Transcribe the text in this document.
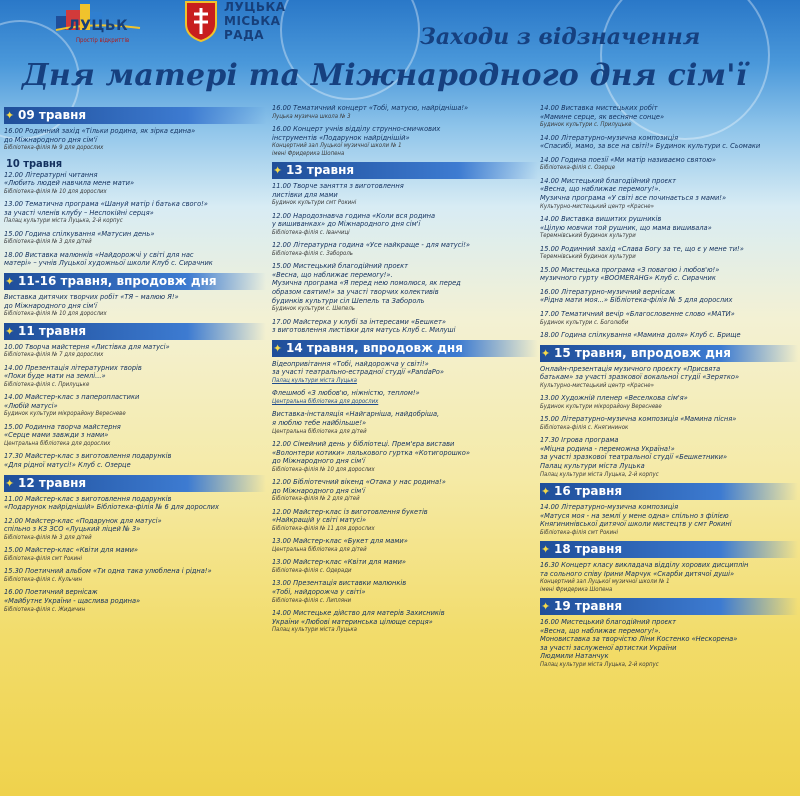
ЛУЦЬК
Простір відкриттів
ЛУЦЬКА
МІСЬКА
РАДА	Заходи з відзначення
Дня матері та Міжнародного дня сім'ї
✦ 09 травня
16.00 Родинний захід «Тільки родина, як зірка єдина»
до Міжнародного дня сім'ї
Бібліотека-філія № 9 для дорослих
10 травня
12.00 Літературні читання
«Любить людей навчила мене мати»
Бібліотека-філія № 10 для дорослих
13.00 Тематична програма «Шануй матір і батька свого!»
за участі членів клубу – Неспокійні серця»
Палац культури міста Луцька, 2-й корпус
15.00 Година спілкування «Матусин день»
Бібліотека-філія № 3 для дітей
18.00 Виставка малюнків «Найдорожчі у світі для нас
матері» – учнів Луцької художньої школи Клуб с. Сирачник
✦ 11-16 травня, впродовж дня
Виставка дитячих творчих робіт «ТЯ – малюю Я!»
до Міжнародного дня сім'ї
Бібліотека-філія № 10 для дорослих
✦ 11 травня
10.00 Творча майстерня «Листівка для матусі»
Бібліотека-філія № 7 для дорослих
14.00 Презентація літературних творів
«Поки буде мати на землі...»
Бібліотека-філія с. Прилуцьке
14.00 Майстер-клас з паперопластики
«Любій матусі»
Будинок культури мікрорайону Вересневе
15.00 Родинна творча майстерня
«Серце мами завжди з нами»
Центральна бібліотека для дорослих
17.30 Майстер-клас з виготовлення подарунків
«Для рідної матусі!» Клуб с. Озерце
✦ 12 травня
11.00 Майстер-клас з виготовлення подарунків
«Подарунок найріднішій» Бібліотека-філія № 6 для дорослих
12.00 Майстер-клас «Подарунок для матусі»
спільно з КЗ ЗСО «Луцький ліцей № 3»
Бібліотека-філія № 3 для дітей
15.00 Майстер-клас «Квіти для мами»
Бібліотека-філія смт Рокині
15.30 Поетичний альбом «Ти одна така улюблена і рідна!»
Бібліотека-філія с. Кульчин
16.00 Поетичний вернісаж
«Майбутнє України - щаслива родина»
Бібліотека-філія с. Жидичин
16.00 Тематичний концерт «Тобі, матусю, найрідніша!»
Луцька музична школа № 3
16.00 Концерт учнів відділу струнно-смичкових
інструментів «Подарунок найріднішій»
Концертний зал Луцької музичної школи № 1
імені Фридерика Шопена
✦ 13 травня
11.00 Творче заняття з виготовлення
листівки для мами
Будинок культури смт Рокині
12.00 Народознавча година «Коли вся родина
у вишиванках» до Міжнародного дня сім'ї
Бібліотека-філія с. Іванчиці
12.00 Літературна година «Усе найкраще - для матусі!»
Бібліотека-філія с. Забороль
15.00 Мистецький благодійний проєкт
«Весна, що наближає перемогу!».
Музична програма «Я перед нею помолюся, як перед
образом святим!» за участі творчих колективів
будинків культури сіл Шепель та Забороль
Будинок культури с. Шепель
17.00 Майстерка у клубі за інтересами «Бешкет»
з виготовлення листівки для матусь Клуб с. Милуші
✦ 14 травня, впродовж дня
Відеопривітання «Тобі, найдорожча у світі!»
за участі театрально-естрадної студії «PandaPo»
Палац культури міста Луцька
Флешмоб «З любов'ю, ніжністю, теплом!»
Центральна бібліотека для дорослих
Виставка-інсталяція «Найгарніша, найдобріша,
я люблю тебе найбільше!»
Центральна бібліотека для дітей
12.00 Сімейний день у бібліотеці. Прем'єра вистави
«Волонтери котики» лялькового гуртка «Котигорошко»
до Міжнародного дня сім'ї
Бібліотека-філія № 10 для дорослих
12.00 Бібліотечний вікенд «Отака у нас родина!»
до Міжнародного дня сім'ї
Бібліотека-філія № 2 для дітей
12.00 Майстер-клас із виготовлення букетів
«Найкращій у світі матусі»
Бібліотека-філія № 11 для дорослих
13.00 Майстер-клас «Букет для мами»
Центральна бібліотека для дітей
13.00 Майстер-клас «Квіти для мами»
Бібліотека-філія с. Одеради
13.00 Презентація виставки малюнків
«Тобі, найдорожча у світі»
Бібліотека-філія с. Липляни
14.00 Мистецьке дійство для матерів Захисників
України «Любові материнська цілюще серця»
Палац культури міста Луцька
14.00 Виставка мистецьких робіт
«Мамине серце, як весняне сонце»
Будинок культури с. Прилуцьке
14.00 Літературно-музична композиція
«Спасибі, мамо, за все на світі!» Будинок культури с. Сьомаки
14.00 Година поезії «Ми матір називаємо святою»
Бібліотека-філія с. Озерце
14.00 Мистецький благодійний проєкт
«Весна, що наближає перемогу!».
Музична програма «У світі все починається з мами!»
Культурно-мистецький центр «Красне»
14.00 Виставка вишитих рушників
«Цілую мовчки той рушник, що мама вишивала»
Теремнівський будинок культури
15.00 Родинний захід «Слава Богу за те, що є у мене ти!»
Теремнівський будинок культури
15.00 Мистецька програма «З повагою і любов'ю!»
музичного гурту «ВООМЕRАНG» Клуб с. Сирачник
16.00 Літературно-музичний вернісаж
«Рідна мати моя...» Бібліотека-філія № 5 для дорослих
17.00 Тематичний вечір «Благословенне слово «МАТИ»
Будинок культури с. Боголюби
18.00 Година спілкування «Мамина доля» Клуб с. Брище
✦ 15 травня, впродовж дня
Онлайн-презентація музичного проєкту «Присвята
батькам» за участі зразкової вокальної студії «Зерятко»
Культурно-мистецький центр «Красне»
13.00 Художній пленер «Веселкова сім'я»
Будинок культури мікрорайону Вересневе
15.00 Літературно-музична композиція «Мамина пісня»
Бібліотека-філія с. Княгининок
17.30 Ігрова програма
«Міцна родина - переможна Україна!»
за участі зразкової театральної студії «Бешкетники»
Палац культури міста Луцька
Палац культури міста Луцька, 2-й корпус
✦ 16 травня
14.00 Літературно-музична композиція
«Матуся моя - на землі у мене одна» спільно з філією
Княгининівської дитячої школи мистецтв у смт Рокині
Бібліотека-філія смт Рокині
✦ 18 травня
16.30 Концерт класу викладача відділу хорових дисциплін
та сольного співу Ірини Марчук «Скарби дитячої душі»
Концертний зал Луцької музичної школи № 1
імені Фридерика Шопена
✦ 19 травня
16.00 Мистецький благодійний проєкт
«Весна, що наближає перемогу!».
Моновиставка за творчістю Ліни Костенко «Нескорена»
за участі заслуженої артистки України
Людмили Натанчук
Палац культури міста Луцька, 2-й корпус
